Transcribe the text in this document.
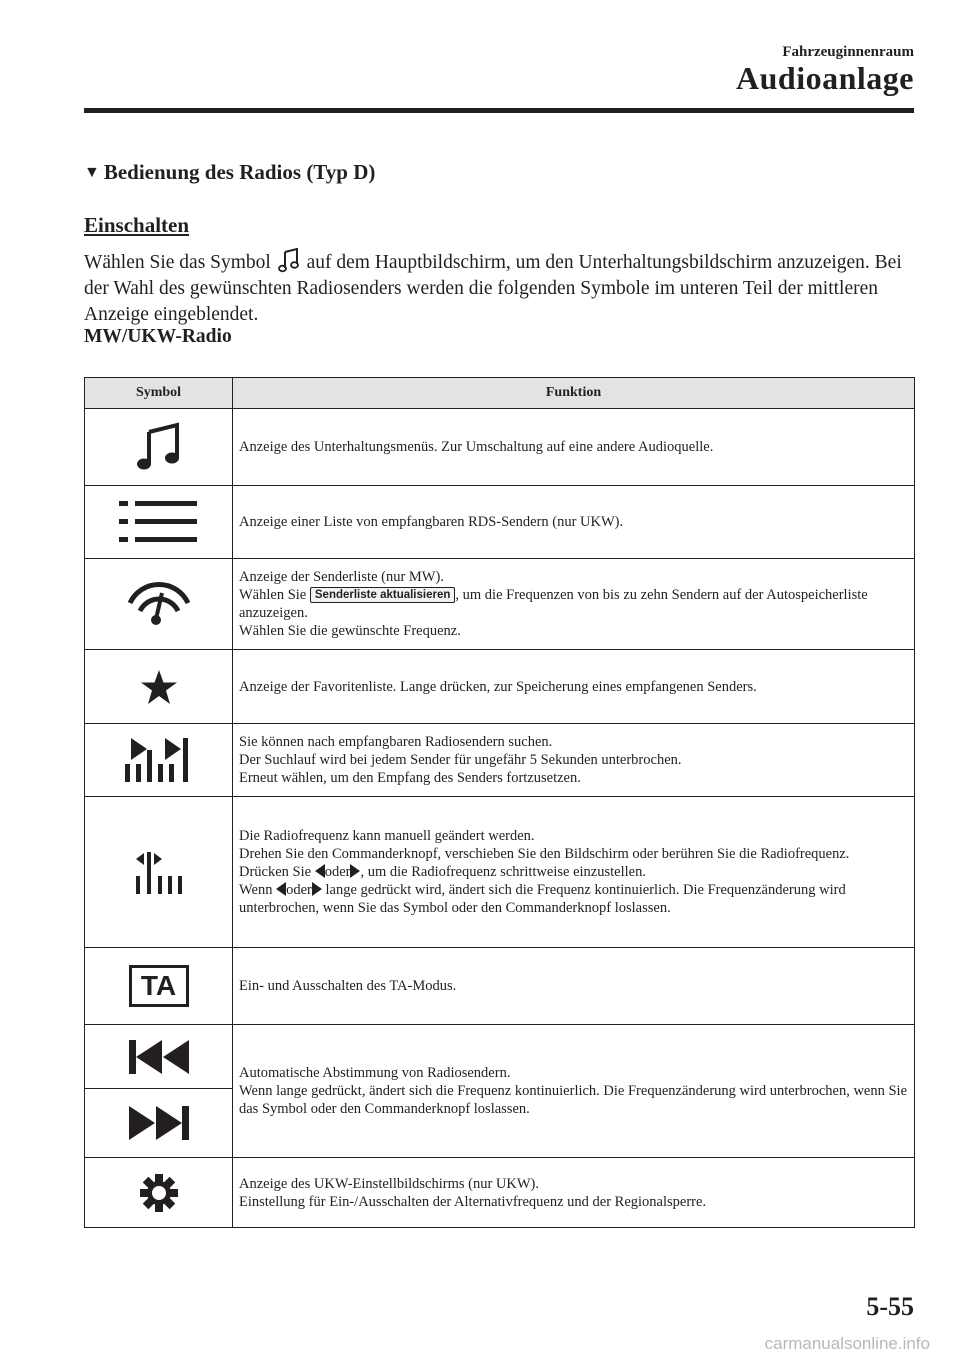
Fahrzeuginnenraum
Audioanlage
▼ Bedienung des Radios (Typ D)
Einschalten
Wählen Sie das Symbol  auf dem Hauptbildschirm, um den Unterhaltungsbildschirm anzuzeigen. Bei der Wahl des gewünschten Radiosenders werden die folgenden Symbole im unteren Teil der mittleren Anzeige eingeblendet.
MW/UKW-Radio
Symbol	Funktion

Anzeige des Unterhaltungsmenüs. Zur Umschaltung auf eine andere Audioquelle.

Anzeige einer Liste von empfangbaren RDS-Sendern (nur UKW).

Anzeige der Senderliste (nur MW).
Wählen Sie Senderliste aktualisieren , um die Frequenzen von bis zu zehn Sendern auf der Autospeicherliste anzuzeigen.
Wählen Sie die gewünschte Frequenz.

Anzeige der Favoritenliste. Lange drücken, zur Speicherung eines empfangenen Senders.

Sie können nach empfangbaren Radiosendern suchen.
Der Suchlauf wird bei jedem Sender für ungefähr 5 Sekunden unterbrochen.
Erneut wählen, um den Empfang des Senders fortzusetzen.

Die Radiofrequenz kann manuell geändert werden.
Drehen Sie den Commanderknopf, verschieben Sie den Bildschirm oder berühren Sie die Radiofrequenz.
Drücken Sie oder , um die Radiofrequenz schrittweise einzustellen.
Wenn oder lange gedrückt wird, ändert sich die Frequenz kontinuierlich. Die Frequenzänderung wird unterbrochen, wenn Sie das Symbol oder den Commanderknopf loslassen.

TA	Ein- und Ausschalten des TA-Modus.

Automatische Abstimmung von Radiosendern.
Wenn lange gedrückt, ändert sich die Frequenz kontinuierlich. Die Frequenzänderung wird unterbrochen, wenn Sie das Symbol oder den Commanderknopf loslassen.

Anzeige des UKW-Einstellbildschirms (nur UKW).
Einstellung für Ein-/Ausschalten der Alternativfrequenz und der Regionalsperre.
5-55
carmanualsonline.info
